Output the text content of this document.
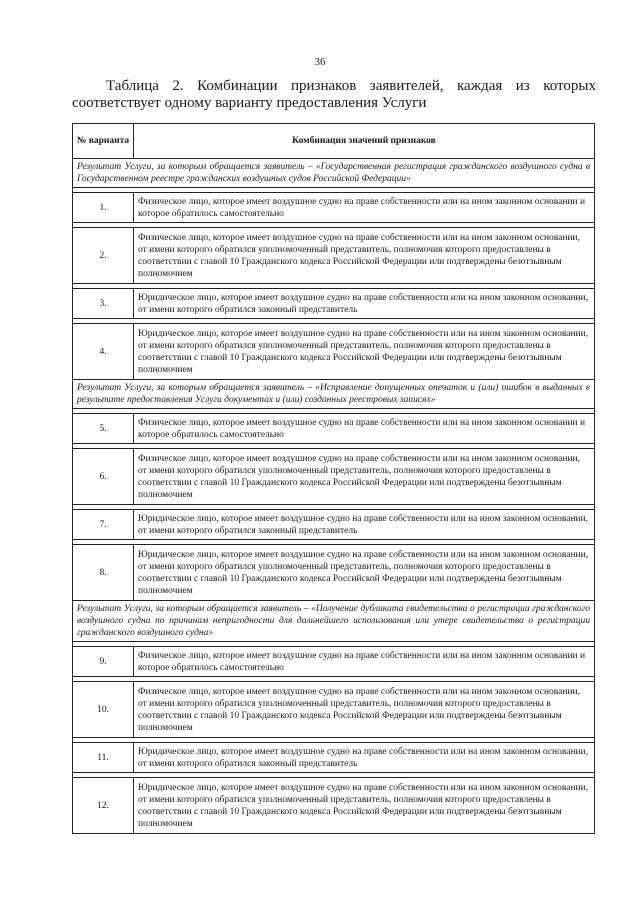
36
Таблица 2. Комбинации признаков заявителей, каждая из которых
соответствует одному варианту предоставления Услуги
№ варианта	Комбинация значений признаков
Результат Услуги, за которым обращается заявитель – «Государственная регистрация гражданского воздушного судна в Государственном реестре гражданских воздушных судов Российской Федерации»	

1.	Физическое лицо, которое имеет воздушное судно на праве собственности или на ином законном основании и которое обратилось самостоятельно

2.	Физическое лицо, которое имеет воздушное судно на праве собственности или на ином законном основании, от имени которого обратился уполномоченный представитель, полномочия которого предоставлены в соответствии с главой 10 Гражданского кодекса Российской Федерации или подтверждены безотзывным полномочием

3.	Юридическое лицо, которое имеет воздушное судно на праве собственности или на ином законном основании, от имени которого обратился законный представитель

4.	Юридическое лицо, которое имеет воздушное судно на праве собственности или на ином законном основании, от имени которого обратился уполномоченный представитель, полномочия которого предоставлены в соответствии с главой 10 Гражданского кодекса Российской Федерации или подтверждены безотзывным полномочием
Результат Услуги, за которым обращается заявитель – «Исправление допущенных опечаток и (или) ошибок в выданных в результате предоставления Услуги документах и (или) созданных реестровых записях»	

5.	Физическое лицо, которое имеет воздушное судно на праве собственности или на ином законном основании и которое обратилось самостоятельно

6.	Физическое лицо, которое имеет воздушное судно на праве собственности или на ином законном основании, от имени которого обратился уполномоченный представитель, полномочия которого предоставлены в соответствии с главой 10 Гражданского кодекса Российской Федерации или подтверждены безотзывным полномочием

7.	Юридическое лицо, которое имеет воздушное судно на праве собственности или на ином законном основании, от имени которого обратился законный представитель

8.	Юридическое лицо, которое имеет воздушное судно на праве собственности или на ином законном основании, от имени которого обратился уполномоченный представитель, полномочия которого предоставлены в соответствии с главой 10 Гражданского кодекса Российской Федерации или подтверждены безотзывным полномочием
Результат Услуги, за которым обращается заявитель – «Получение дубликата свидетельства о регистрации гражданского воздушного судна по причинам непригодности для дальнейшего использования или утере свидетельства о регистрации гражданского воздушного судна»	

9.	Физическое лицо, которое имеет воздушное судно на праве собственности или на ином законном основании и которое обратилось самостоятельно

10.	Физическое лицо, которое имеет воздушное судно на праве собственности или на ином законном основании, от имени которого обратился уполномоченный представитель, полномочия которого предоставлены в соответствии с главой 10 Гражданского кодекса Российской Федерации или подтверждены безотзывным полномочием

11.	Юридическое лицо, которое имеет воздушное судно на праве собственности или на ином законном основании, от имени которого обратился законный представитель

12.	Юридическое лицо, которое имеет воздушное судно на праве собственности или на ином законном основании, от имени которого обратился уполномоченный представитель, полномочия которого предоставлены в соответствии с главой 10 Гражданского кодекса Российской Федерации или подтверждены безотзывным полномочием
